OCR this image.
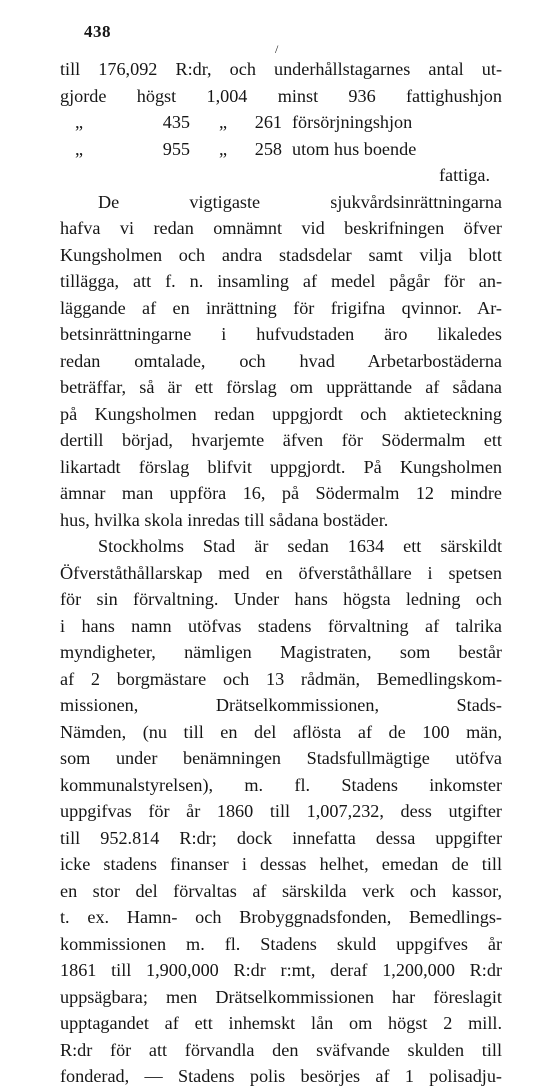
438
/
till 176,092 R:dr, och underhållstagarnes antal ut-
gjorde högst 1,004 minst 936 fattighushjon
„	435	„	261 försörjningshjon
„	955	„	258 utom hus boende
fattiga.
De vigtigaste sjukvårdsinrättningarna
hafva vi redan omnämnt vid beskrifningen öfver
Kungsholmen och andra stadsdelar samt vilja blott
tillägga, att f. n. insamling af medel pågår för an-
läggande af en inrättning för frigifna qvinnor. Ar-
betsinrättningarne i hufvudstaden äro likaledes
redan omtalade, och hvad Arbetarbostäderna
beträffar, så är ett förslag om upprättande af sådana
på Kungsholmen redan uppgjordt och aktieteckning
dertill börjad, hvarjemte äfven för Södermalm ett
likartadt förslag blifvit uppgjordt. På Kungsholmen
ämnar man uppföra 16, på Södermalm 12 mindre
hus, hvilka skola inredas till sådana bostäder.
Stockholms Stad är sedan 1634 ett särskildt
Öfverståthållarskap med en öfverståthållare i spetsen
för sin förvaltning. Under hans högsta ledning och
i hans namn utöfvas stadens förvaltning af talrika
myndigheter, nämligen Magistraten, som består
af 2 borgmästare och 13 rådmän, Bemedlingskom-
missionen, Drätselkommissionen, Stads-
Nämden, (nu till en del aflösta af de 100 män,
som under benämningen Stadsfullmägtige utöfva
kommunalstyrelsen), m. fl. Stadens inkomster
uppgifvas för år 1860 till 1,007,232, dess utgifter
till 952.814 R:dr; dock innefatta dessa uppgifter
icke stadens finanser i dessas helhet, emedan de till
en stor del förvaltas af särskilda verk och kassor,
t. ex. Hamn- och Brobyggnadsfonden, Bemedlings-
kommissionen m. fl. Stadens skuld uppgifves år
1861 till 1,900,000 R:dr r:mt, deraf 1,200,000 R:dr
uppsägbara; men Drätselkommissionen har föreslagit
upptagandet af ett inhemskt lån om högst 2 mill.
R:dr för att förvandla den sväfvande skulden till
fonderad, — Stadens polis besörjes af 1 polisadju-
